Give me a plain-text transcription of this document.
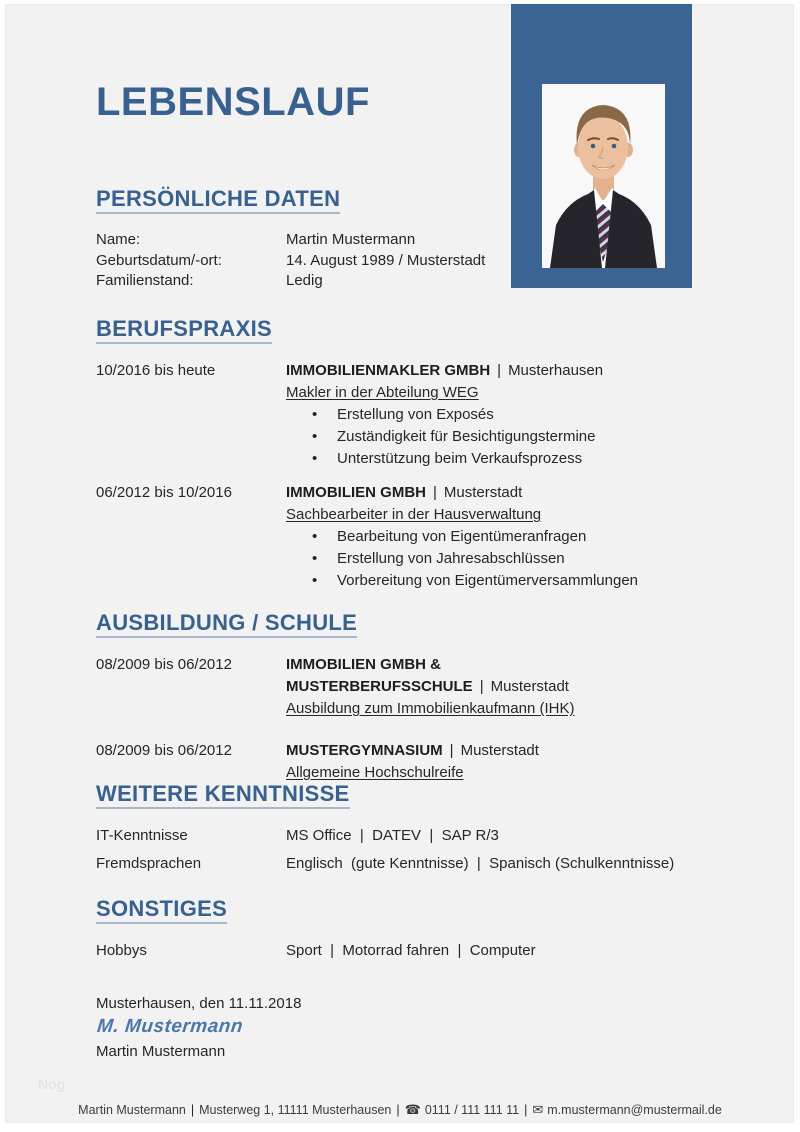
LEBENSLAUF
PERSÖNLICHE DATEN
Name:	Martin Mustermann
Geburtsdatum/-ort:	14. August 1989 / Musterstadt
Familienstand:	Ledig
BERUFSPRAXIS
10/2016 bis heute	IMMOBILIENMAKLER GMBH | Musterhausen
Makler in der Abteilung WEG
•	Erstellung von Exposés
•	Zuständigkeit für Besichtigungstermine
•	Unterstützung beim Verkaufsprozess
06/2012 bis 10/2016	IMMOBILIEN GMBH | Musterstadt
Sachbearbeiter in der Hausverwaltung
•	Bearbeitung von Eigentümeranfragen
•	Erstellung von Jahresabschlüssen
•	Vorbereitung von Eigentümerversammlungen
AUSBILDUNG / SCHULE
08/2009 bis 06/2012	IMMOBILIEN GMBH & MUSTERBERUFSSCHULE | Musterstadt
Ausbildung zum Immobilienkaufmann (IHK)
08/2009 bis 06/2012	MUSTERGYMNASIUM | Musterstadt
Allgemeine Hochschulreife
WEITERE KENNTNISSE
IT-Kenntnisse	MS Office  |  DATEV  |  SAP R/3
Fremdsprachen	Englisch  (gute Kenntnisse)  |  Spanisch (Schulkenntnisse)
SONSTIGES
Hobbys	Sport  |  Motorrad fahren  |  Computer
Musterhausen, den 11.11.2018
M. Mustermann
Martin Mustermann
Nog
Martin Mustermann | Musterweg 1, 11111 Musterhausen | ☎ 0111 / 111 111 11 | ✉ m.mustermann@mustermail.de
